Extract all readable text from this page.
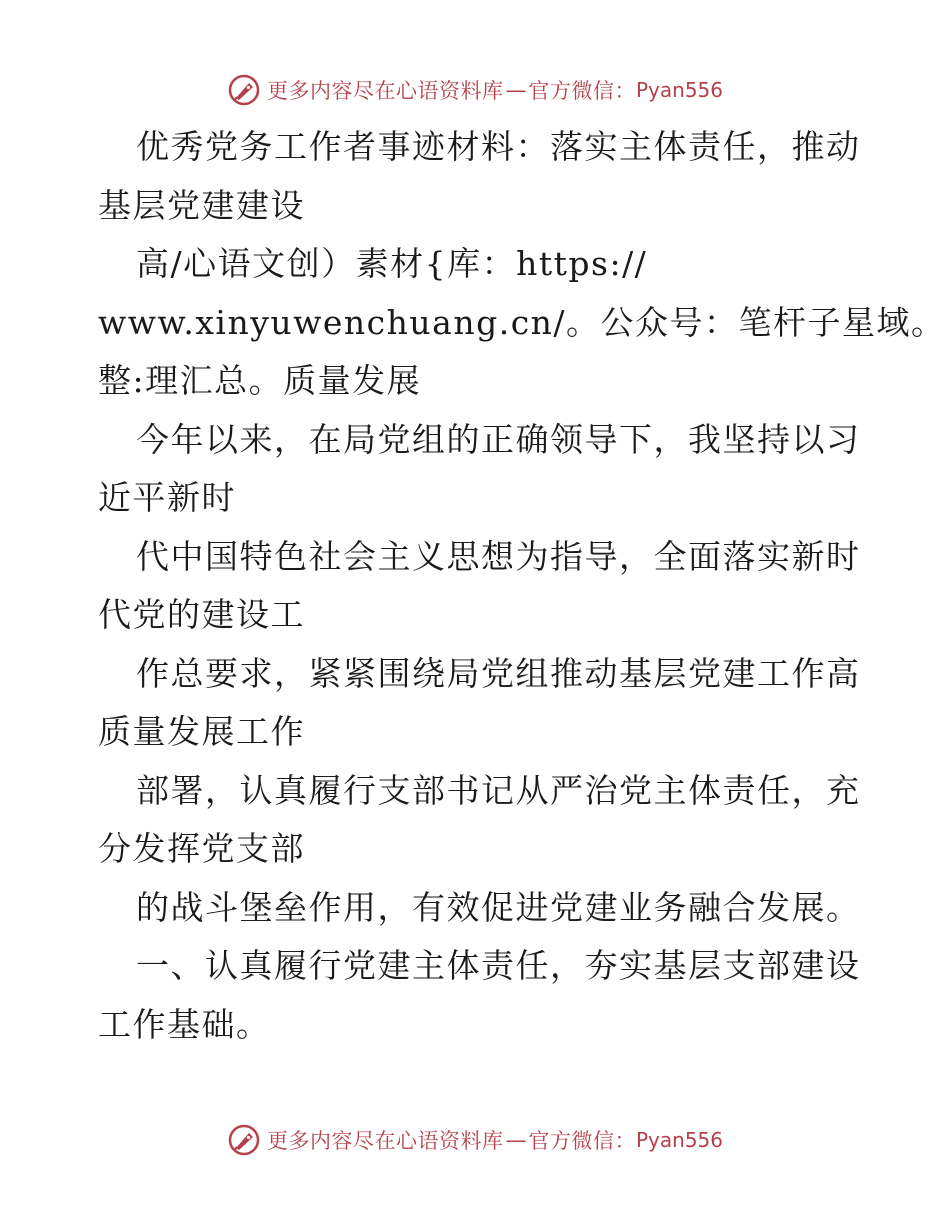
更多内容尽在心语资料库 — 官方微信： Pyan556
优秀党务工作者事迹材料：落实主体责任，推动
基层党建建设
高/心语文创）素材{库：https://
www.xinyuwenchuang.cn/。公众号：笔杆子星域。
整:理汇总。质量发展
今年以来，在局党组的正确领导下，我坚持以习
近平新时
代中国特色社会主义思想为指导，全面落实新时
代党的建设工
作总要求，紧紧围绕局党组推动基层党建工作高
质量发展工作
部署，认真履行支部书记从严治党主体责任，充
分发挥党支部
的战斗堡垒作用，有效促进党建业务融合发展。
一、认真履行党建主体责任，夯实基层支部建设
工作基础。
更多内容尽在心语资料库 — 官方微信： Pyan556
